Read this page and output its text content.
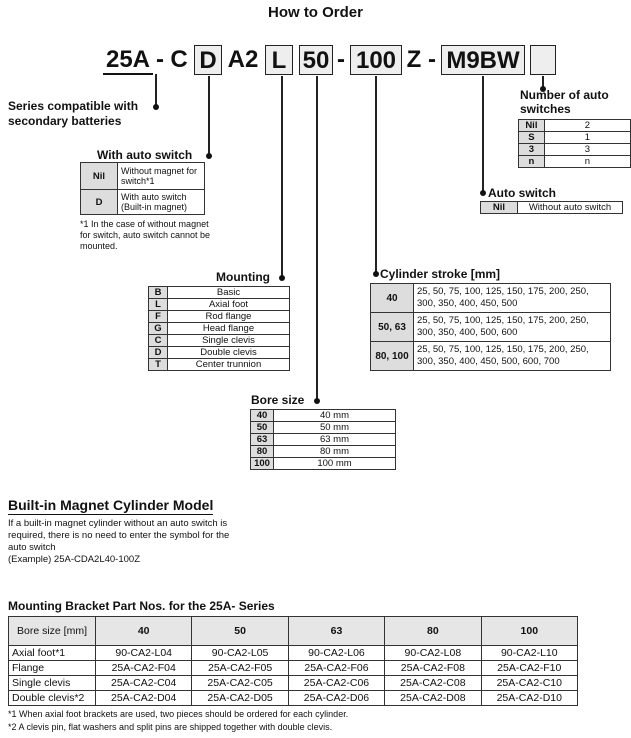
How to Order
25A - C D A2 L 50 - 100 Z - M9BW
Series compatible with
secondary batteries
With auto switch
Nil	Without magnet for switch*1
D	With auto switch (Built-in magnet)
*1 In the case of without magnet for switch, auto switch cannot be mounted.
Mounting
B	Basic
L	Axial foot
F	Rod flange
G	Head flange
C	Single clevis
D	Double clevis
T	Center trunnion
Bore size
40	40 mm
50	50 mm
63	63 mm
80	80 mm
100	100 mm
Cylinder stroke [mm]
40	25, 50, 75, 100, 125, 150, 175, 200, 250, 300, 350, 400, 450, 500
50, 63	25, 50, 75, 100, 125, 150, 175, 200, 250, 300, 350, 400, 500, 600
80, 100	25, 50, 75, 100, 125, 150, 175, 200, 250, 300, 350, 400, 450, 500, 600, 700
Number of auto switches
Nil	2
S	1
3	3
n	n
Auto switch
Nil	Without auto switch
Built-in Magnet Cylinder Model
If a built-in magnet cylinder without an auto switch is required, there is no need to enter the symbol for the auto switch
(Example) 25A-CDA2L40-100Z
Mounting Bracket Part Nos. for the 25A- Series
Bore size [mm]	40	50	63	80	100
Axial foot*1	90-CA2-L04	90-CA2-L05	90-CA2-L06	90-CA2-L08	90-CA2-L10
Flange	25A-CA2-F04	25A-CA2-F05	25A-CA2-F06	25A-CA2-F08	25A-CA2-F10
Single clevis	25A-CA2-C04	25A-CA2-C05	25A-CA2-C06	25A-CA2-C08	25A-CA2-C10
Double clevis*2	25A-CA2-D04	25A-CA2-D05	25A-CA2-D06	25A-CA2-D08	25A-CA2-D10
*1 When axial foot brackets are used, two pieces should be ordered for each cylinder.
*2 A clevis pin, flat washers and split pins are shipped together with double clevis.
